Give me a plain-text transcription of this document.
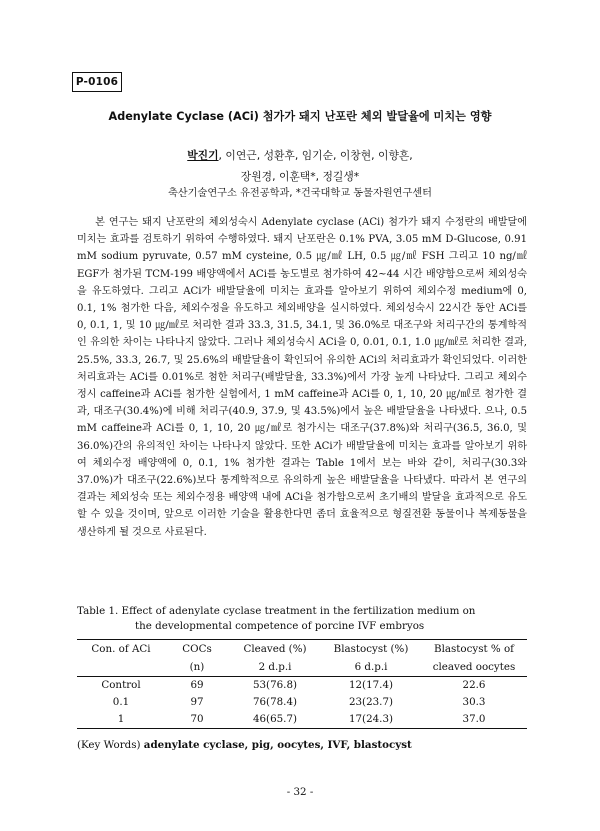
P-0106
Adenylate Cyclase (ACi) 첨가가 돼지 난포란 체외 발달율에 미치는 영향
박진기, 이연근, 성환후, 임기순, 이창현, 이향흔,
장원경, 이훈택*, 정길생*
축산기술연구소 유전공학과, *건국대학교 동물자원연구센터

본 연구는 돼지 난포란의 체외성숙시 Adenylate cyclase (ACi) 첨가가 돼지 수정란의 배발달에 미치는 효과를 검토하기 위하여 수행하였다. 돼지 난포란은 0.1% PVA, 3.05 mM D-Glucose, 0.91 mM sodium pyruvate, 0.57 mM cysteine, 0.5 ㎍/㎖ LH, 0.5 ㎍/㎖ FSH 그리고 10 ng/㎖ EGF가 첨가된 TCM-199 배양액에서 ACi를 농도별로 첨가하여 42~44 시간 배양함으로써 체외성숙을 유도하였다. 그리고 ACi가 배발달율에 미치는 효과를 알아보기 위하여 체외수정 medium에 0, 0.1, 1% 첨가한 다음, 체외수정을 유도하고 체외배양을 실시하였다. 체외성숙시 22시간 동안 ACi를 0, 0.1, 1, 및 10 ㎍/㎖로 처리한 결과 33.3, 31.5, 34.1, 및 36.0%로 대조구와 처리구간의 통계학적인 유의한 차이는 나타나지 않았다. 그러나 체외성숙시 ACi을 0, 0.01, 0.1, 1.0 ㎍/㎖로 처리한 결과, 25.5%, 33.3, 26.7, 및 25.6%의 배발달율이 확인되어 유의한 ACi의 처리효과가 확인되었다. 이러한 처리효과는 ACi를 0.01%로 첨한 처리구(배발달율, 33.3%)에서 가장 높게 나타났다. 그리고 체외수정시 caffeine과 ACi를 첨가한 실험에서, 1 mM caffeine과 ACi를 0, 1, 10, 20 ㎍/㎖로 첨가한 결과, 대조구(30.4%)에 비해 처리구(40.9, 37.9, 및 43.5%)에서 높은 배발달율을 나타냈다. 으나, 0.5 mM caffeine과 ACi를 0, 1, 10, 20 ㎍/㎖로 첨가시는 대조구(37.8%)와 처리구(36.5, 36.0, 및 36.0%)간의 유의적인 차이는 나타나지 않았다. 또한 ACi가 배발달율에 미치는 효과를 알아보기 위하여 체외수정 배양액에 0, 0.1, 1% 첨가한 결과는 Table 1에서 보는 바와 같이, 처리구(30.3와 37.0%)가 대조구(22.6%)보다 통계학적으로 유의하게 높은 배발달율을 나타냈다. 따라서 본 연구의 결과는 체외성숙 또는 체외수정용 배양액 내에 ACi을 첨가함으로써 초기배의 발달을 효과적으로 유도할 수 있을 것이며, 앞으로 이러한 기술을 활용한다면 좀더 효율적으로 형질전환 동물이나 복제동물을 생산하게 될 것으로 사료된다.

Table 1. Effect of adenylate cyclase treatment in the fertilization medium on
the developmental competence of porcine IVF embryos
Con. of ACi	COCs	Cleaved (%)	Blastocyst (%)	Blastocyst % of
	(n)	2 d.p.i	6 d.p.i	cleaved oocytes
Control	69	53(76.8)	12(17.4)	22.6
0.1	97	76(78.4)	23(23.7)	30.3
1	70	46(65.7)	17(24.3)	37.0
(Key Words) adenylate cyclase, pig, oocytes, IVF, blastocyst
- 32 -
